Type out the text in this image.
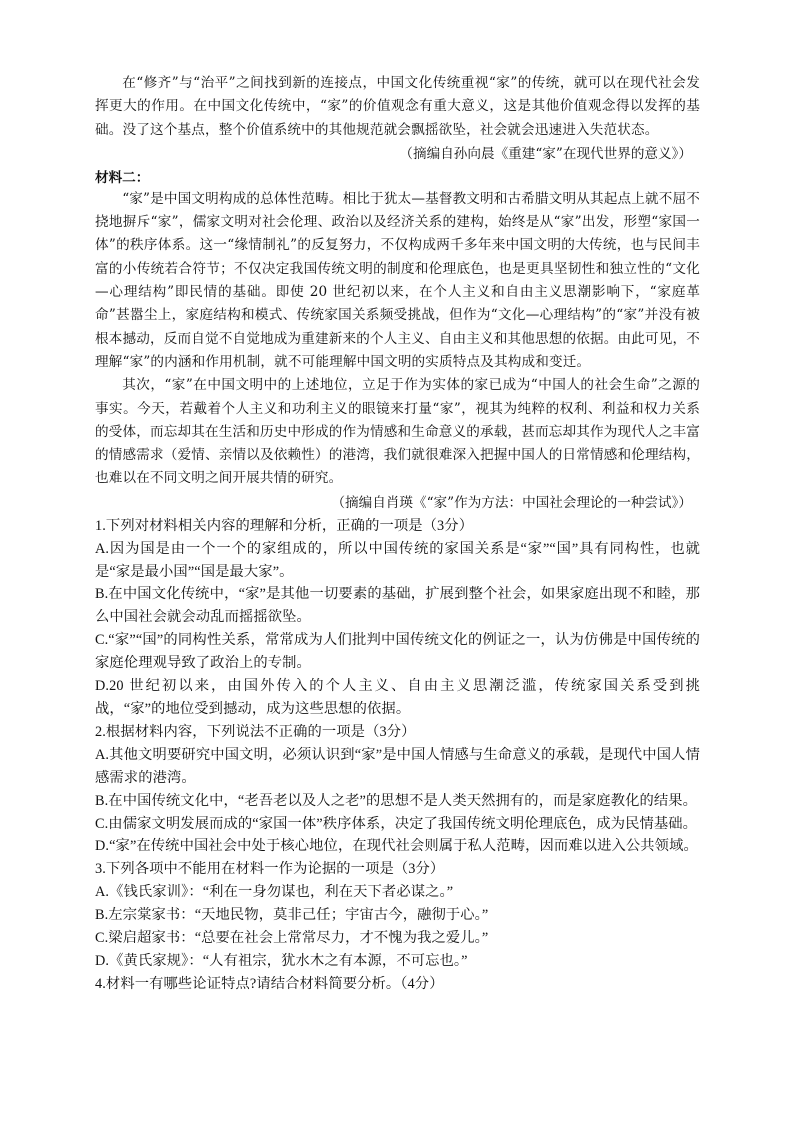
在“修齐”与“治平”之间找到新的连接点，中国文化传统重视“家”的传统，就可以在现代社会发挥更大的作用。在中国文化传统中，“家”的价值观念有重大意义，这是其他价值观念得以发挥的基础。没了这个基点，整个价值系统中的其他规范就会飘摇欲坠，社会就会迅速进入失范状态。

（摘编自孙向晨《重建“家”在现代世界的意义》）

材料二：

“家”是中国文明构成的总体性范畴。相比于犹太—基督教文明和古希腊文明从其起点上就不屈不挠地摒斥“家”，儒家文明对社会伦理、政治以及经济关系的建构，始终是从“家”出发，形塑“家国一体”的秩序体系。这一“缘情制礼”的反复努力，不仅构成两千多年来中国文明的大传统，也与民间丰富的小传统若合符节；不仅决定我国传统文明的制度和伦理底色，也是更具坚韧性和独立性的“文化—心理结构”即民情的基础。即使 20 世纪初以来，在个人主义和自由主义思潮影响下，“家庭革命”甚嚣尘上，家庭结构和模式、传统家国关系频受挑战，但作为“文化—心理结构”的“家”并没有被根本撼动，反而自觉不自觉地成为重建新来的个人主义、自由主义和其他思想的依据。由此可见，不理解“家”的内涵和作用机制，就不可能理解中国文明的实质特点及其构成和变迁。

其次，“家”在中国文明中的上述地位，立足于作为实体的家已成为“中国人的社会生命”之源的事实。今天，若戴着个人主义和功利主义的眼镜来打量“家”，视其为纯粹的权利、利益和权力关系的受体，而忘却其在生活和历史中形成的作为情感和生命意义的承载，甚而忘却其作为现代人之丰富的情感需求（爱情、亲情以及依赖性）的港湾，我们就很难深入把握中国人的日常情感和伦理结构，也难以在不同文明之间开展共情的研究。

（摘编自肖瑛《“家”作为方法：中国社会理论的一种尝试》）

1.下列对材料相关内容的理解和分析，正确的一项是（3分）

A.因为国是由一个一个的家组成的，所以中国传统的家国关系是“家”“国”具有同构性，也就是“家是最小国”“国是最大家”。

B.在中国文化传统中，“家”是其他一切要素的基础，扩展到整个社会，如果家庭出现不和睦，那么中国社会就会动乱而摇摇欲坠。

C.“家”“国”的同构性关系，常常成为人们批判中国传统文化的例证之一，认为仿佛是中国传统的家庭伦理观导致了政治上的专制。

D.20 世纪初以来，由国外传入的个人主义、自由主义思潮泛滥，传统家国关系受到挑战，“家”的地位受到撼动，成为这些思想的依据。

2.根据材料内容，下列说法不正确的一项是（3分）

A.其他文明要研究中国文明，必须认识到“家”是中国人情感与生命意义的承载，是现代中国人情感需求的港湾。

B.在中国传统文化中，“老吾老以及人之老”的思想不是人类天然拥有的，而是家庭教化的结果。

C.由儒家文明发展而成的“家国一体”秩序体系，决定了我国传统文明伦理底色，成为民情基础。

D.“家”在传统中国社会中处于核心地位，在现代社会则属于私人范畴，因而难以进入公共领域。

3.下列各项中不能用在材料一作为论据的一项是（3分）

A.《钱氏家训》：“利在一身勿谋也，利在天下者必谋之。”

B.左宗棠家书：“天地民物，莫非己任；宇宙古今，融彻于心。”

C.梁启超家书：“总要在社会上常常尽力，才不愧为我之爱儿。”

D.《黄氏家规》：“人有祖宗，犹水木之有本源，不可忘也。”

4.材料一有哪些论证特点?请结合材料简要分析。（4分）
